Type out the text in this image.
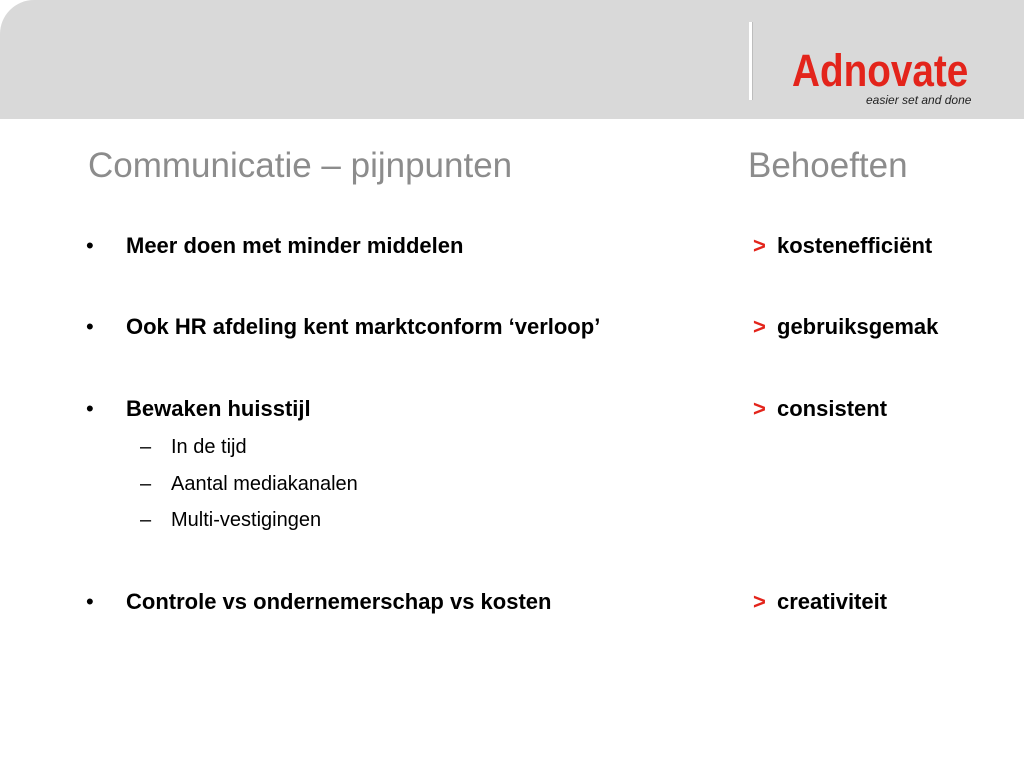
Adnovate
easier set and done
Communicatie – pijnpunten	Behoeften
• Meer doen met minder middelen	> kostenefficiënt
• Ook HR afdeling kent marktconform ‘verloop’	> gebruiksgemak
• Bewaken huisstijl	> consistent
– In de tijd
– Aantal mediakanalen
– Multi-vestigingen
• Controle vs ondernemerschap vs kosten	> creativiteit
